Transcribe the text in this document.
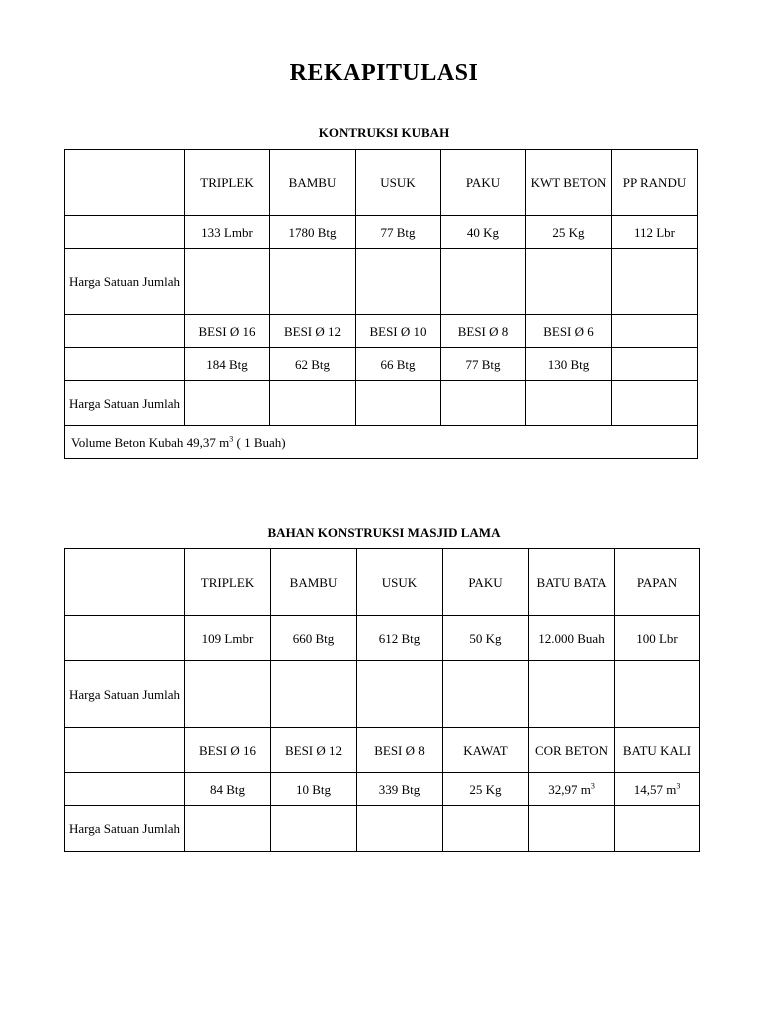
REKAPITULASI
KONTRUKSI KUBAH
	TRIPLEK	BAMBU	USUK	PAKU	KWT BETON	PP RANDU
	133 Lmbr	1780 Btg	77 Btg	40 Kg	25 Kg	112 Lbr
Harga Satuan Jumlah						
	BESI Ø 16	BESI Ø 12	BESI Ø 10	BESI Ø 8	BESI Ø 6	
	184 Btg	62 Btg	66 Btg	77 Btg	130 Btg	
Harga Satuan Jumlah						
Volume Beton Kubah 49,37 $m^3$ ( 1 Buah)						
BAHAN KONSTRUKSI MASJID LAMA
	TRIPLEK	BAMBU	USUK	PAKU	BATU BATA	PAPAN
	109 Lmbr	660 Btg	612 Btg	50 Kg	12.000 Buah	100 Lbr
Harga Satuan Jumlah						
	BESI Ø 16	BESI Ø 12	BESI Ø 8	KAWAT	COR BETON	BATU KALI
	84 Btg	10 Btg	339 Btg	25 Kg	32,97 $m^3$	14,57 $m^3$
Harga Satuan Jumlah						
